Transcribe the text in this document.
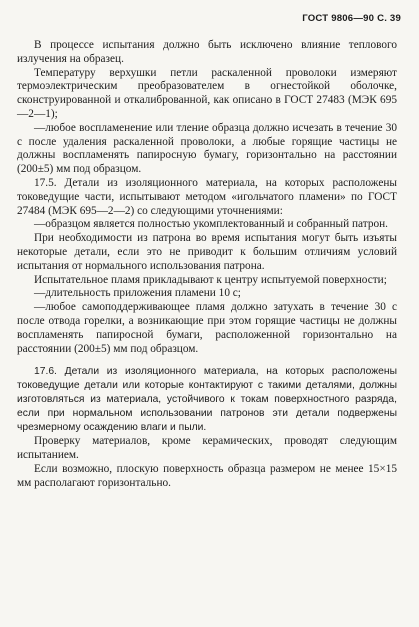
ГОСТ 9806—90 С. 39

В процессе испытания должно быть исключено влияние теплового излучения на образец.

Температуру верхушки петли раскаленной проволоки измеряют термоэлектрическим преобразователем в огнестойкой оболочке, сконструированной и откалиброванной, как описано в ГОСТ 27483 (МЭК 695—2—1);

—любое воспламенение или тление образца должно исчезать в течение 30 с после удаления раскаленной проволоки, а любые горящие частицы не должны воспламенять папиросную бумагу, горизонтально на расстоянии (200±5) мм под образцом.

17.5. Детали из изоляционного материала, на которых расположены токоведущие части, испытывают методом «игольчатого пламени» по ГОСТ 27484 (МЭК 695—2—2) со следующими уточнениями:

—образцом является полностью укомплектованный и собранный патрон.

При необходимости из патрона во время испытания могут быть изъяты некоторые детали, если это не приводит к большим отличиям условий испытания от нормального использования патрона.

Испытательное пламя прикладывают к центру испытуемой поверхности;

—длительность приложения пламени 10 с;

—любое самоподдерживающее пламя должно затухать в течение 30 с после отвода горелки, а возникающие при этом горящие частицы не должны воспламенять папиросной бумаги, расположенной горизонтально на расстоянии (200±5) мм под образцом.

17.6. Детали из изоляционного материала, на которых расположены токоведущие детали или которые контактируют с такими деталями, должны изготовляться из материала, устойчивого к токам поверхностного разряда, если при нормальном использовании патронов эти детали подвержены чрезмерному осаждению влаги и пыли.

Проверку материалов, кроме керамических, проводят следующим испытанием.

Если возможно, плоскую поверхность образца размером не менее 15×15 мм располагают горизонтально.
